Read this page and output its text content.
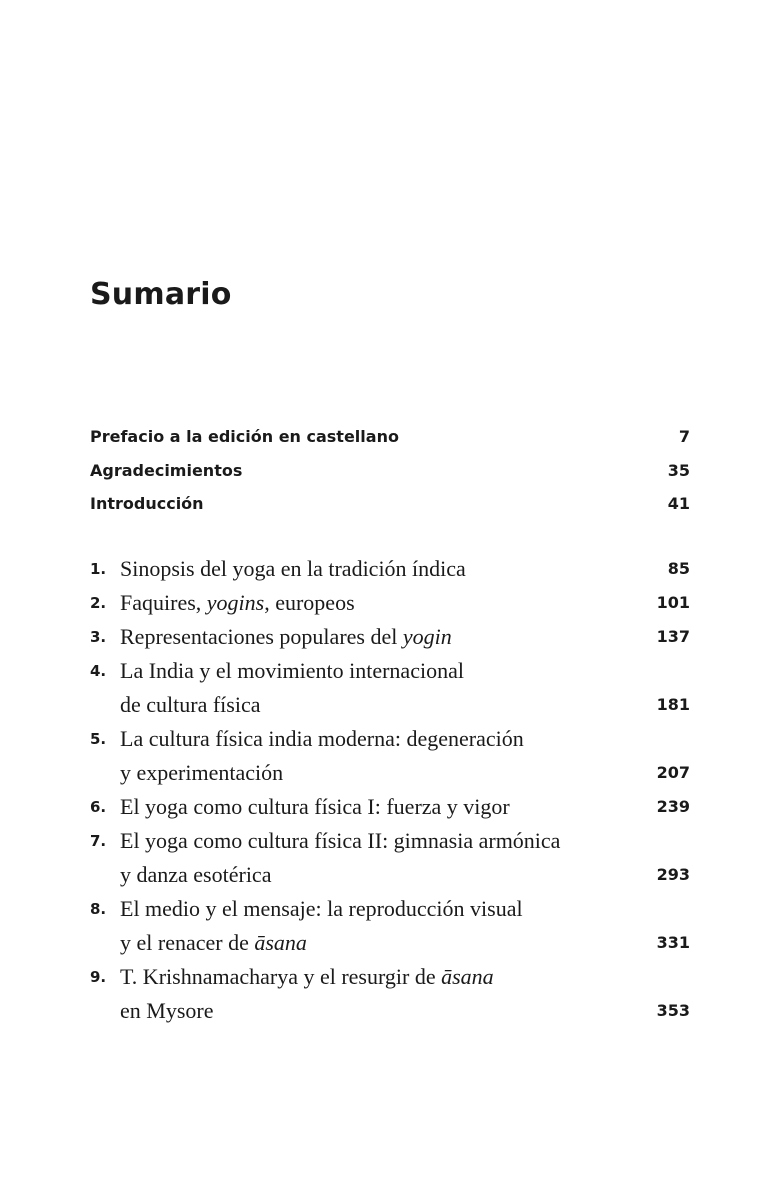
Sumario
Prefacio a la edición en castellano	7
Agradecimientos	35
Introducción	41
1. Sinopsis del yoga en la tradición índica	85
2. Faquires, yogins, europeos	101
3. Representaciones populares del yogin	137
4. La India y el movimiento internacional
de cultura física	181
5. La cultura física india moderna: degeneración
y experimentación	207
6. El yoga como cultura física I: fuerza y vigor	239
7. El yoga como cultura física II: gimnasia armónica
y danza esotérica	293
8. El medio y el mensaje: la reproducción visual
y el renacer de āsana	331
9. T. Krishnamacharya y el resurgir de āsana
en Mysore	353
